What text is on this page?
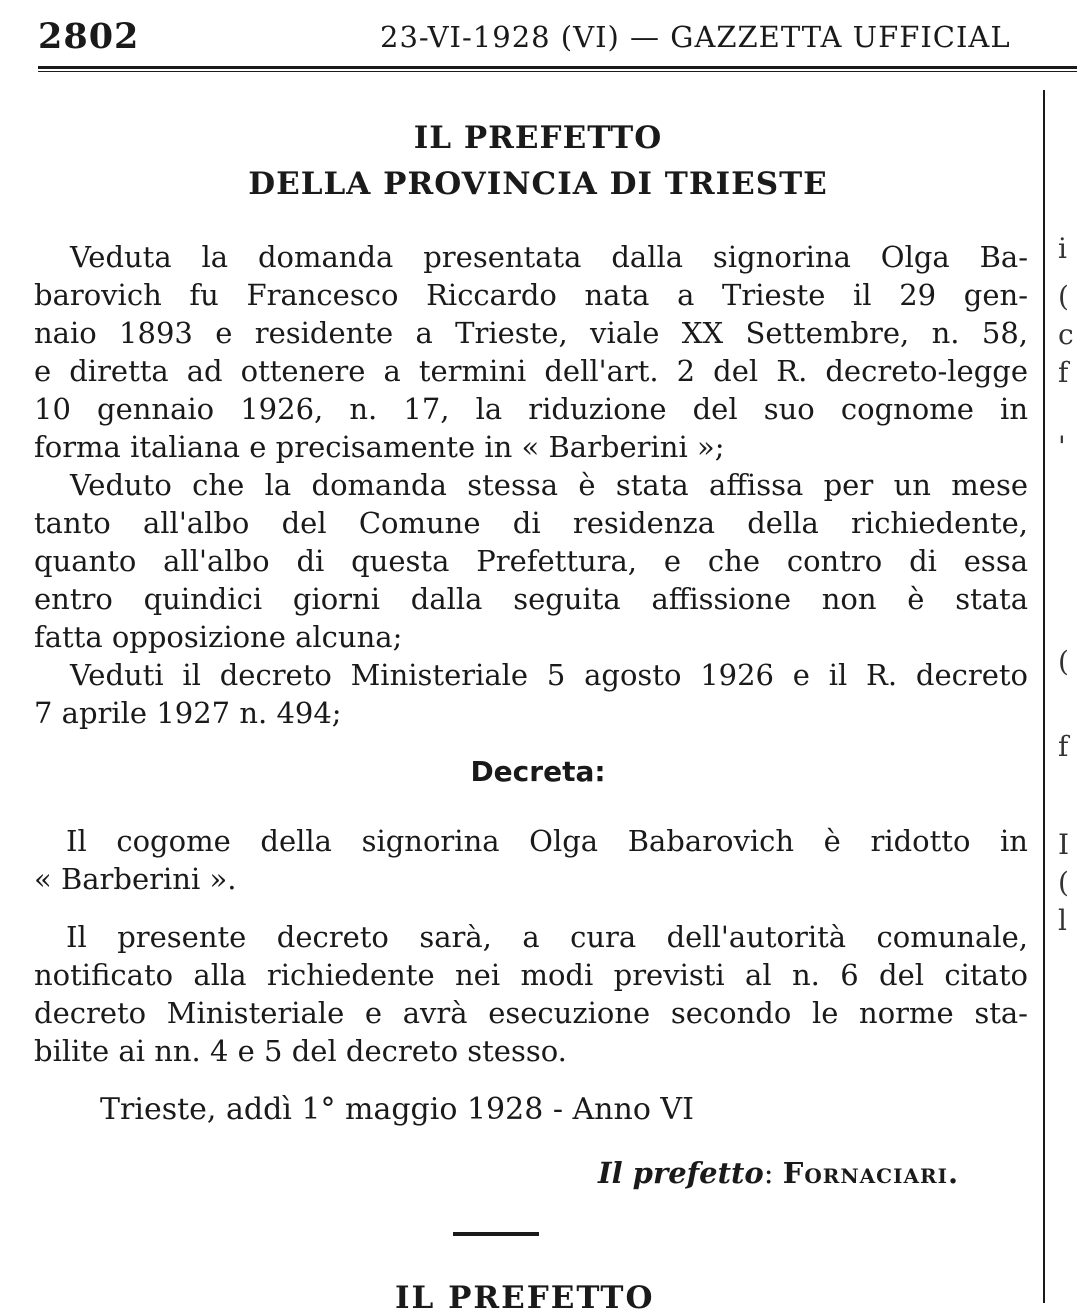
2802	23-VI-1928 (VI) — GAZZETTA UFFICIAL
IL PREFETTO
DELLA PROVINCIA DI TRIESTE
Veduta la domanda presentata dalla signorina Olga Ba-
barovich fu Francesco Riccardo nata a Trieste il 29 gen-
naio 1893 e residente a Trieste, viale XX Settembre, n. 58,
e diretta ad ottenere a termini dell'art. 2 del R. decreto-legge
10 gennaio 1926, n. 17, la riduzione del suo cognome in
forma italiana e precisamente in « Barberini »;
Veduto che la domanda stessa è stata affissa per un mese
tanto all'albo del Comune di residenza della richiedente,
quanto all'albo di questa Prefettura, e che contro di essa
entro quindici giorni dalla seguita affissione non è stata
fatta opposizione alcuna;
Veduti il decreto Ministeriale 5 agosto 1926 e il R. decreto
7 aprile 1927 n. 494;
Decreta:
Il cogome della signorina Olga Babarovich è ridotto in
« Barberini ».
Il presente decreto sarà, a cura dell'autorità comunale,
notificato alla richiedente nei modi previsti al n. 6 del citato
decreto Ministeriale e avrà esecuzione secondo le norme sta-
bilite ai nn. 4 e 5 del decreto stesso.
Trieste, addì 1° maggio 1928 - Anno VI
Il prefetto: Fornaciari.
IL PREFETTO
i
(
c
f
'
(
f
I
(
l
